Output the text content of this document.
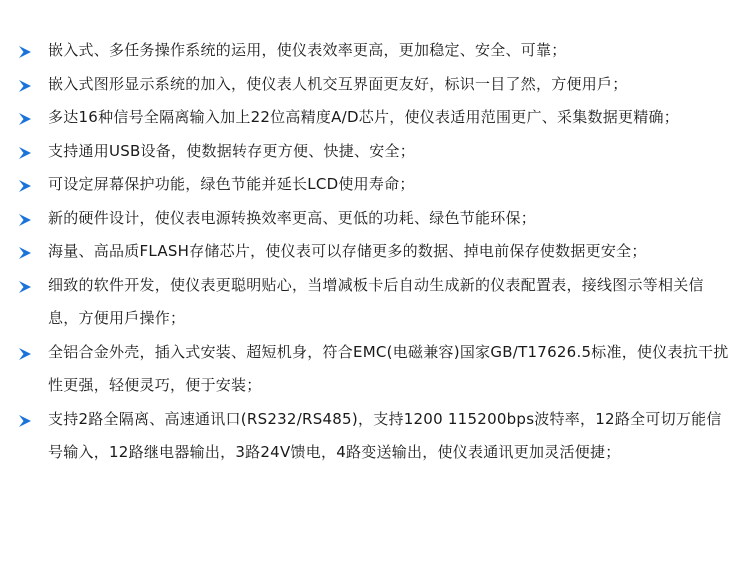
嵌入式、多任务操作系统的运用，使仪表效率更高，更加稳定、安全、可靠；
嵌入式图形显示系统的加入，使仪表人机交互界面更友好，标识一目了然，方便用戶；
多达16种信号全隔离输入加上22位高精度A/D芯片，使仪表适用范围更广、采集数据更精确；
支持通用USB设备，使数据转存更方便、快捷、安全；
可设定屏幕保护功能，绿色节能并延长LCD使用寿命；
新的硬件设计，使仪表电源转换效率更高、更低的功耗、绿色节能环保；
海量、高品质FLASH存储芯片，使仪表可以存储更多的数据、掉电前保存使数据更安全；
细致的软件开发，使仪表更聪明贴心，当增减板卡后自动生成新的仪表配置表，接线图示等相关信息，方便用戶操作；
全铝合金外壳，插入式安装、超短机身，符合EMC(电磁兼容)国家GB/T17626.5标准，使仪表抗干扰性更强，轻便灵巧，便于安装；
支持2路全隔离、高速通讯口(RS232/RS485)，支持1200 115200bps波特率，12路全可切万能信号输入，12路继电器输出，3路24V馈电，4路变送输出，使仪表通讯更加灵活便捷；
